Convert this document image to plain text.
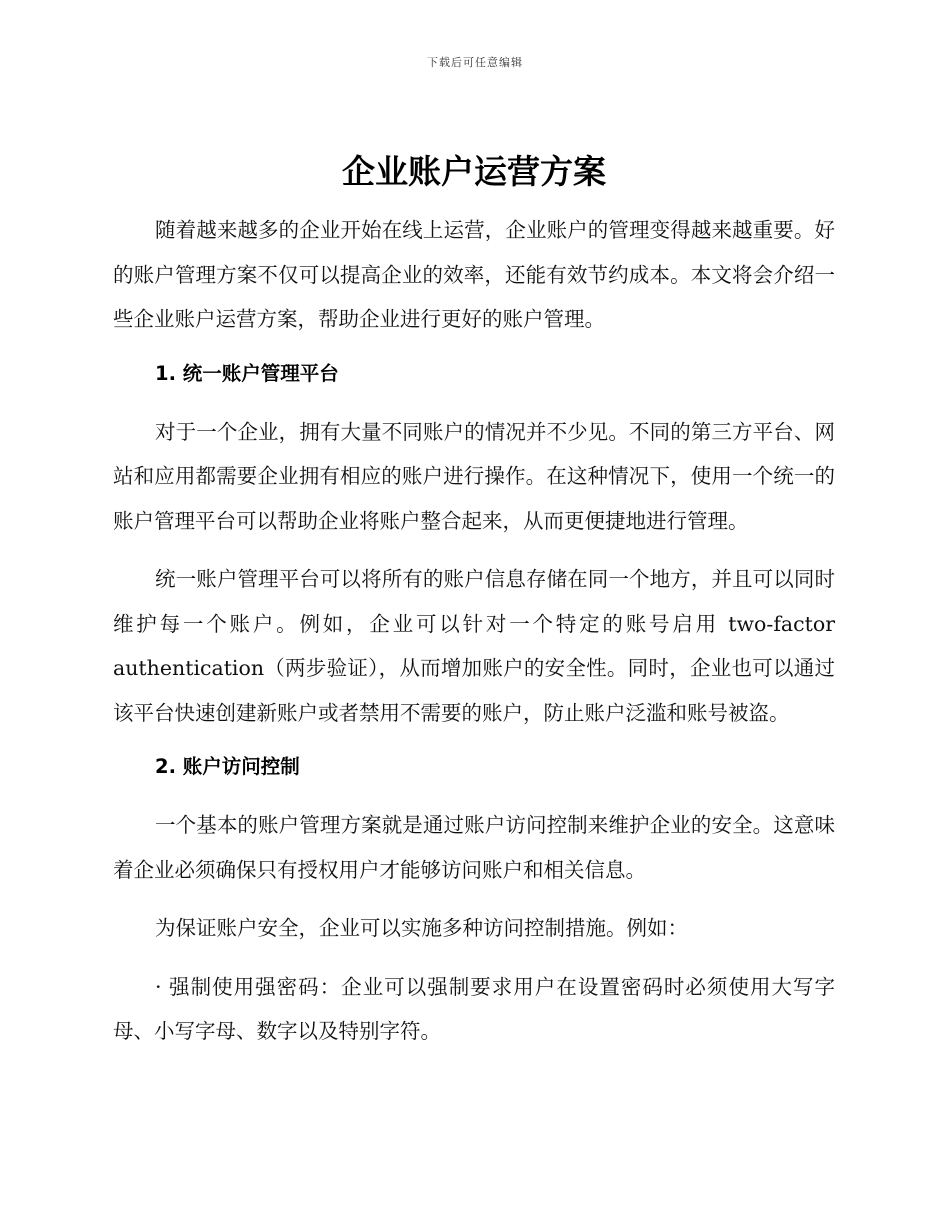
下载后可任意编辑
企业账户运营方案

随着越来越多的企业开始在线上运营，企业账户的管理变得越来越重要。好的账户管理方案不仅可以提高企业的效率，还能有效节约成本。本文将会介绍一些企业账户运营方案，帮助企业进行更好的账户管理。

1. 统一账户管理平台

对于一个企业，拥有大量不同账户的情况并不少见。不同的第三方平台、网站和应用都需要企业拥有相应的账户进行操作。在这种情况下，使用一个统一的账户管理平台可以帮助企业将账户整合起来，从而更便捷地进行管理。

统一账户管理平台可以将所有的账户信息存储在同一个地方，并且可以同时维护每一个账户。例如，企业可以针对一个特定的账号启用 two-factor authentication（两步验证），从而增加账户的安全性。同时，企业也可以通过该平台快速创建新账户或者禁用不需要的账户，防止账户泛滥和账号被盗。

2. 账户访问控制

一个基本的账户管理方案就是通过账户访问控制来维护企业的安全。这意味着企业必须确保只有授权用户才能够访问账户和相关信息。

为保证账户安全，企业可以实施多种访问控制措施。例如：

· 强制使用强密码：企业可以强制要求用户在设置密码时必须使用大写字母、小写字母、数字以及特别字符。
